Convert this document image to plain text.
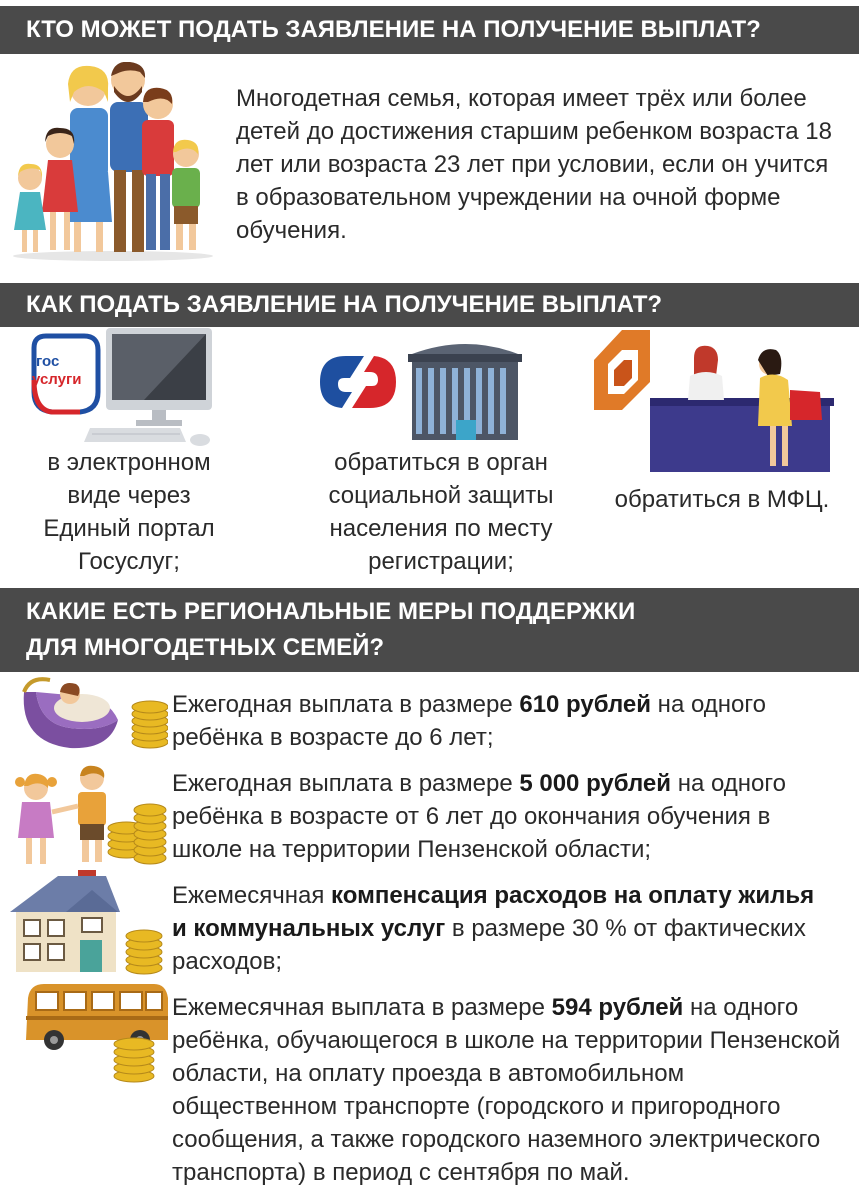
КТО МОЖЕТ ПОДАТЬ ЗАЯВЛЕНИЕ НА ПОЛУЧЕНИЕ ВЫПЛАТ?
Многодетная семья, которая имеет трёх или более детей до достижения старшим ребенком возраста 18 лет или возраста 23 лет при условии, если он учится в образовательном учреждении на очной форме обучения.
КАК ПОДАТЬ ЗАЯВЛЕНИЕ НА ПОЛУЧЕНИЕ ВЫПЛАТ?
гос
услуги
в электронном виде через Единый портал Госуслуг;
обратиться в орган социальной защиты населения по месту регистрации;
обратиться в МФЦ.
КАКИЕ ЕСТЬ РЕГИОНАЛЬНЫЕ МЕРЫ ПОДДЕРЖКИ
ДЛЯ МНОГОДЕТНЫХ СЕМЕЙ?
Ежегодная выплата в размере 610 рублей на одного ребёнка в возрасте до 6 лет;
Ежегодная выплата в размере 5 000 рублей на одного ребёнка в возрасте от 6 лет до окончания обучения в школе на территории Пензенской области;
Ежемесячная компенсация расходов на оплату жилья и коммунальных услуг в размере 30 % от фактических расходов;
Ежемесячная выплата в размере 594 рублей на одного ребёнка, обучающегося в школе на территории Пензенской области, на оплату проезда в автомобильном общественном транспорте (городского и пригородного сообщения, а также городского наземного электрического транспорта) в период с сентября по май.
